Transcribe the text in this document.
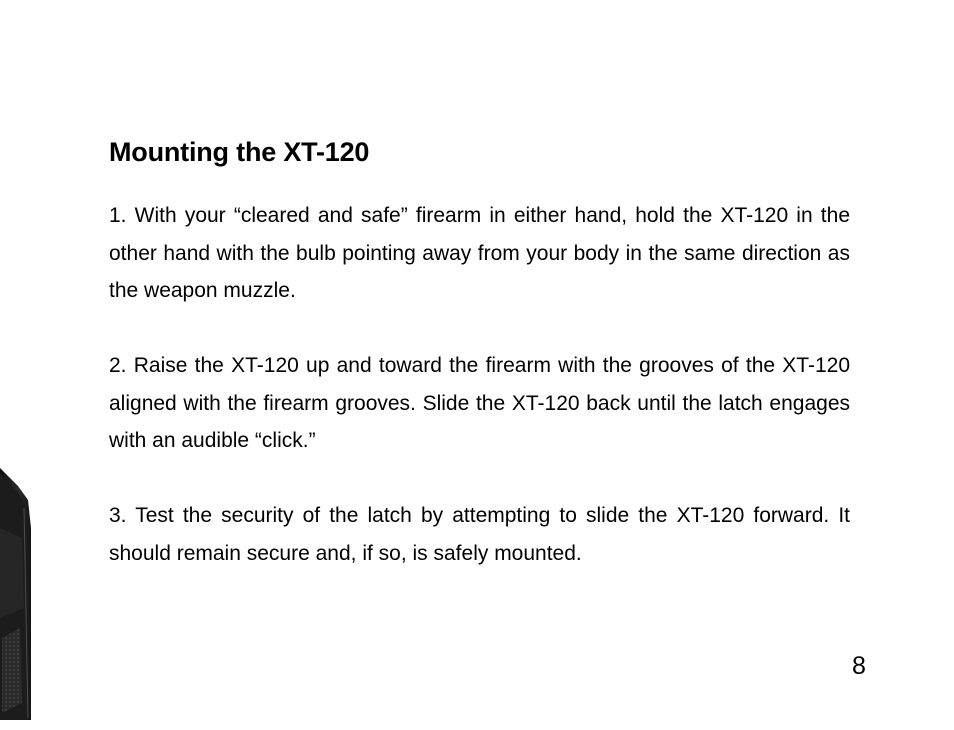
Mounting the XT-120

1. With your “cleared and safe” firearm in either hand, hold the XT-120 in the other hand with the bulb pointing away from your body in the same direction as the weapon muzzle.

2. Raise the XT-120 up and toward the firearm with the grooves of the XT-120 aligned with the firearm grooves. Slide the XT-120 back until the latch engages with an audible “click.”

3. Test the security of the latch by attempting to slide the XT-120 forward. It should remain secure and, if so, is safely mounted.

8
